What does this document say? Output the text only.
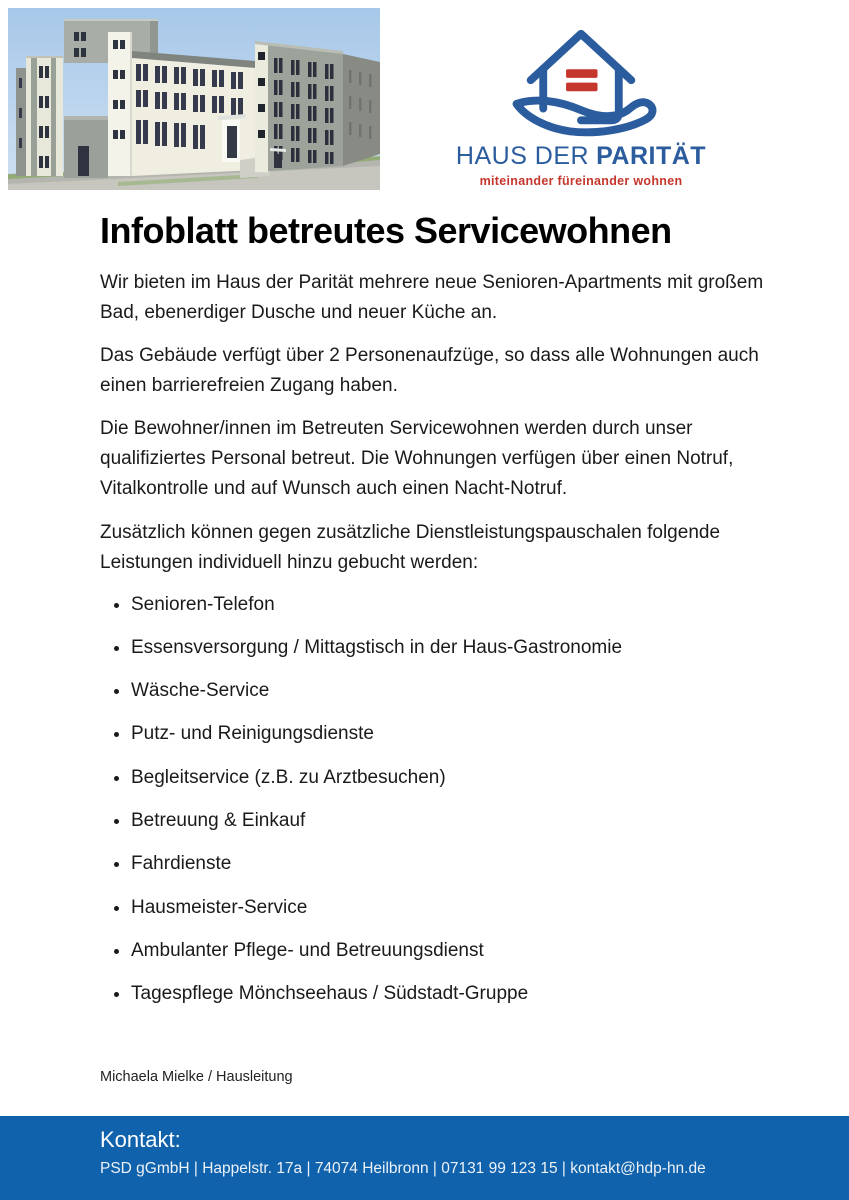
HAUS DER PARITÄT
miteinander füreinander wohnen
Infoblatt betreutes Servicewohnen

Wir bieten im Haus der Parität mehrere neue Senioren-Apartments mit großem Bad, ebenerdiger Dusche und neuer Küche an.

Das Gebäude verfügt über 2 Personenaufzüge, so dass alle Wohnungen auch einen barrierefreien Zugang haben.

Die Bewohner/innen im Betreuten Servicewohnen werden durch unser qualifiziertes Personal betreut. Die Wohnungen verfügen über einen Notruf, Vitalkontrolle und auf Wunsch auch einen Nacht-Notruf.

Zusätzlich können gegen zusätzliche Dienstleistungspauschalen folgende Leistungen individuell hinzu gebucht werden:

• Senioren-Telefon
• Essensversorgung / Mittagstisch in der Haus-Gastronomie
• Wäsche-Service
• Putz- und Reinigungsdienste
• Begleitservice (z.B. zu Arztbesuchen)
• Betreuung & Einkauf
• Fahrdienste
• Hausmeister-Service
• Ambulanter Pflege- und Betreuungsdienst
• Tagespflege Mönchseehaus / Südstadt-Gruppe
Michaela Mielke / Hausleitung
Kontakt:
PSD gGmbH | Happelstr. 17a | 74074 Heilbronn | 07131 99 123 15 | kontakt@hdp-hn.de
